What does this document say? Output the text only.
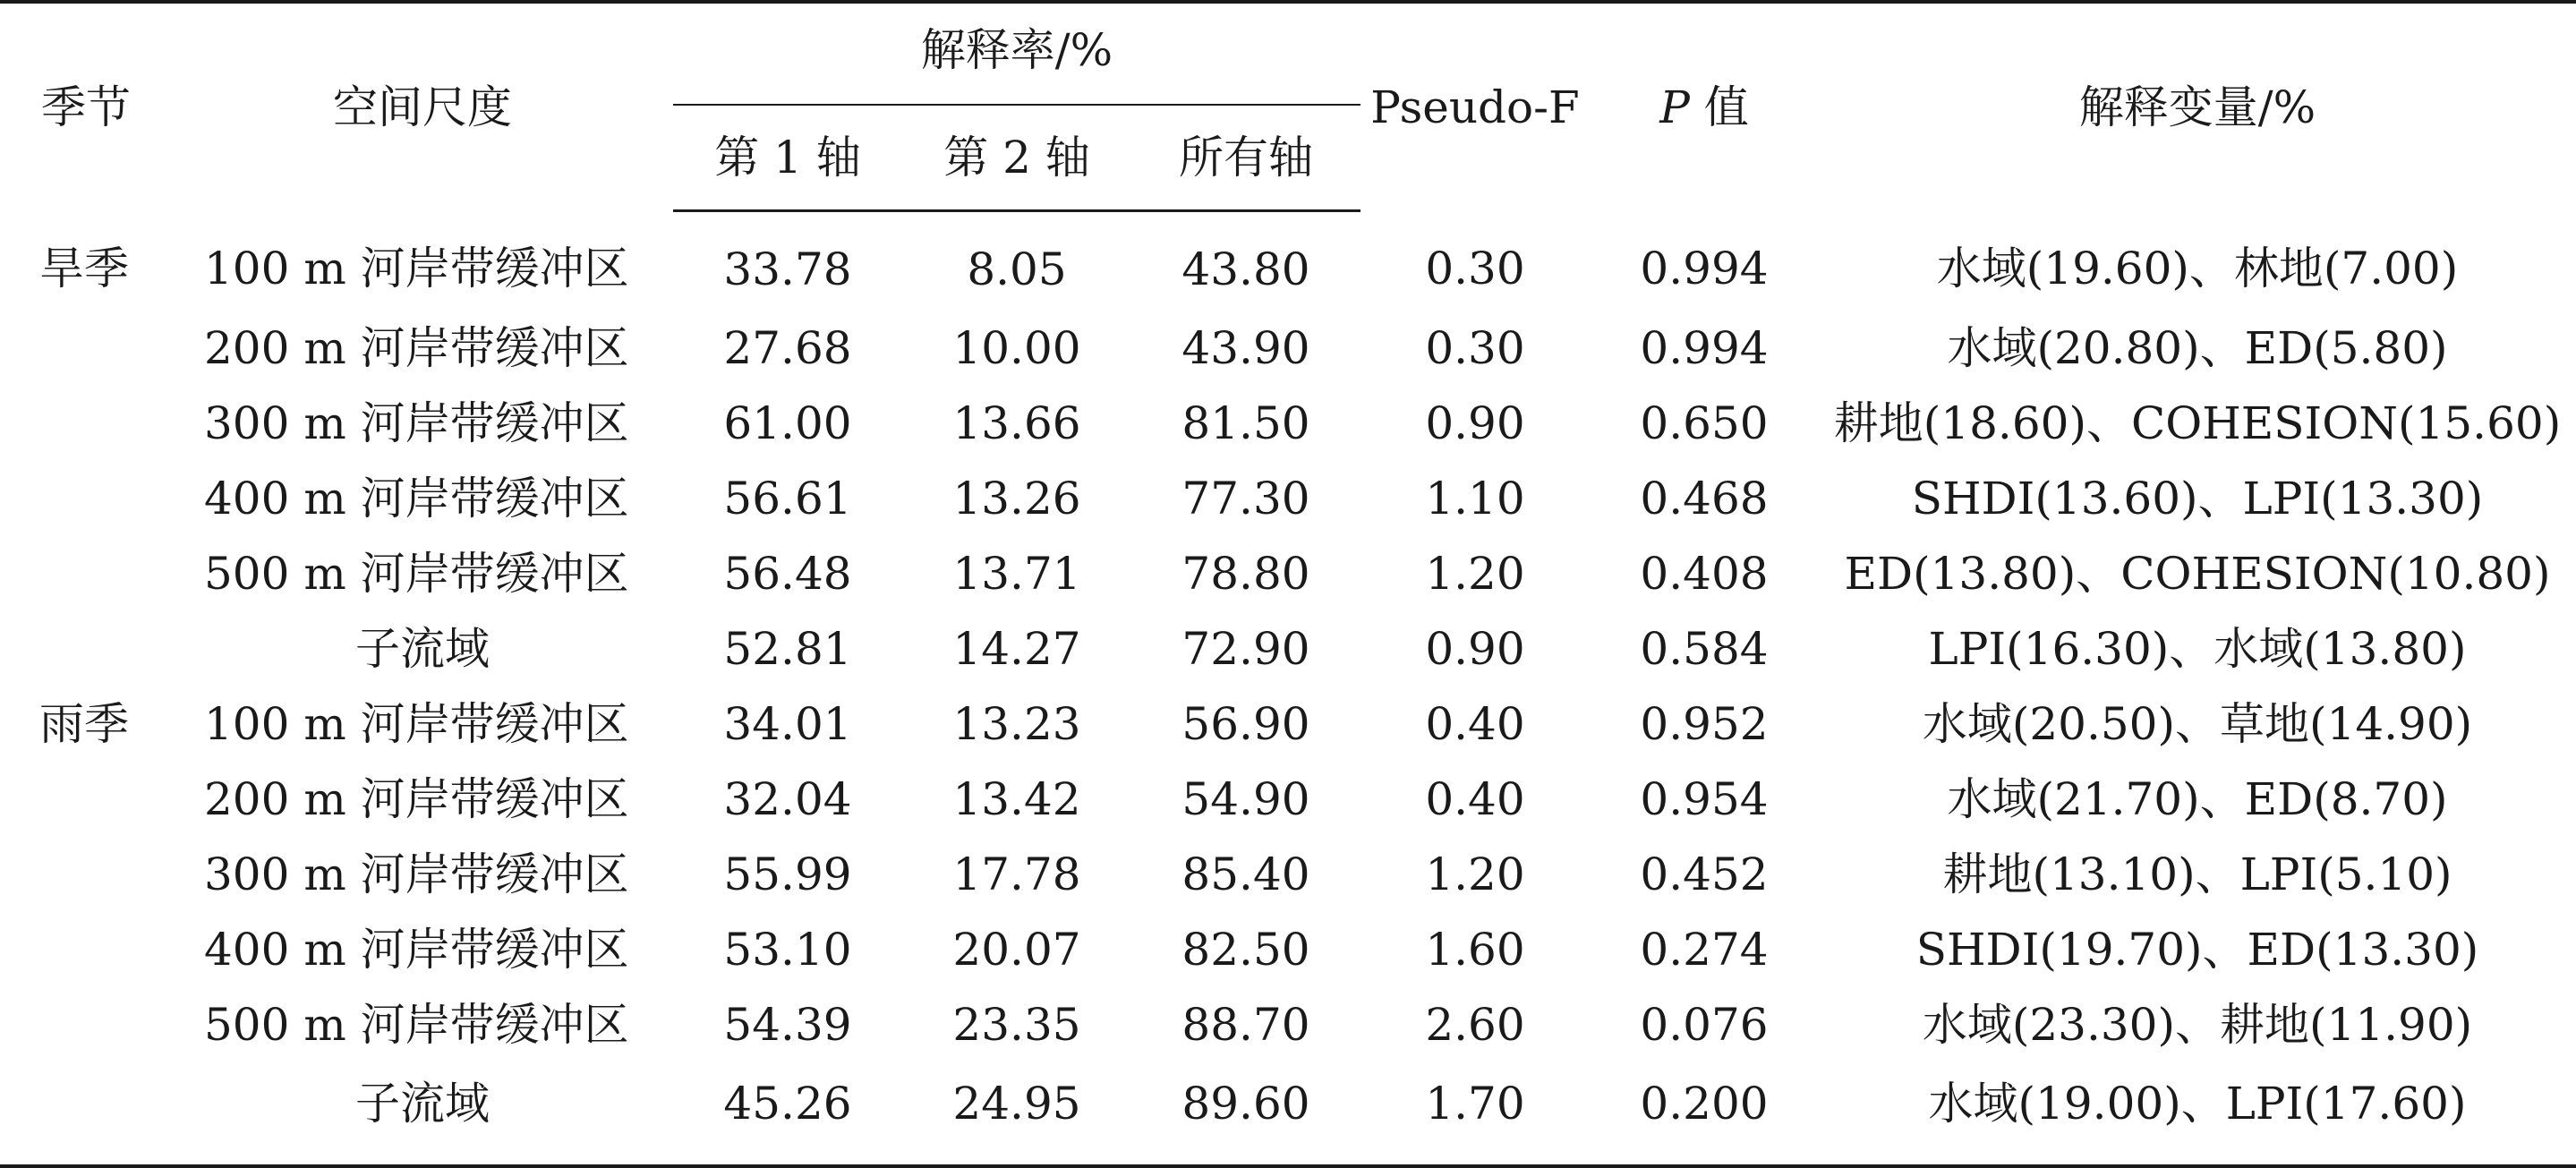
季节	空间尺度	解释率/%			Pseudo-F	P 值	解释变量/%
		第 1 轴	第 2 轴	所有轴			
旱季	100 m 河岸带缓冲区	33.78	8.05	43.80	0.30	0.994	水域(19.60)、林地(7.00)
	200 m 河岸带缓冲区	27.68	10.00	43.90	0.30	0.994	水域(20.80)、ED(5.80)
	300 m 河岸带缓冲区	61.00	13.66	81.50	0.90	0.650	耕地(18.60)、COHESION(15.60)
	400 m 河岸带缓冲区	56.61	13.26	77.30	1.10	0.468	SHDI(13.60)、LPI(13.30)
	500 m 河岸带缓冲区	56.48	13.71	78.80	1.20	0.408	ED(13.80)、COHESION(10.80)
	子流域	52.81	14.27	72.90	0.90	0.584	LPI(16.30)、水域(13.80)
雨季	100 m 河岸带缓冲区	34.01	13.23	56.90	0.40	0.952	水域(20.50)、草地(14.90)
	200 m 河岸带缓冲区	32.04	13.42	54.90	0.40	0.954	水域(21.70)、ED(8.70)
	300 m 河岸带缓冲区	55.99	17.78	85.40	1.20	0.452	耕地(13.10)、LPI(5.10)
	400 m 河岸带缓冲区	53.10	20.07	82.50	1.60	0.274	SHDI(19.70)、ED(13.30)
	500 m 河岸带缓冲区	54.39	23.35	88.70	2.60	0.076	水域(23.30)、耕地(11.90)
	子流域	45.26	24.95	89.60	1.70	0.200	水域(19.00)、LPI(17.60)
